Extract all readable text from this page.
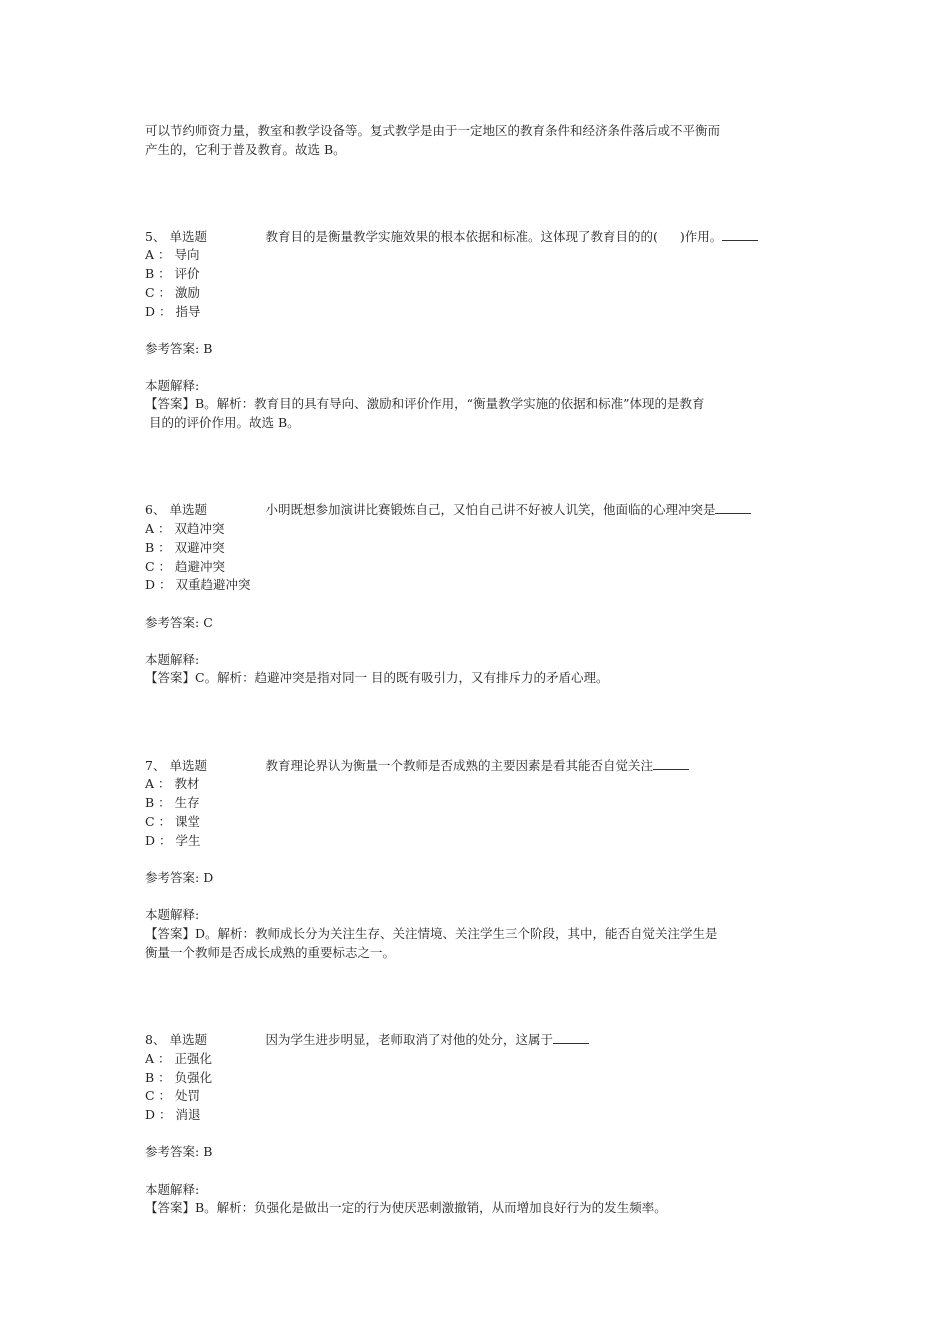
可以节约师资力量，教室和教学设备等。复式教学是由于一定地区的教育条件和经济条件落后或不平衡而
产生的，它利于普及教育。故选 B。
5、 单选题	教育目的是衡量教学实施效果的根本依据和标准。这体现了教育目的的( )作用。
A ： 导向
B ： 评价
C ： 激励
D ： 指导
参考答案: B
本题解释:
【答案】B。解析：教育目的具有导向、激励和评价作用，“衡量教学实施的依据和标准”体现的是教育
目的的评价作用。故选 B。
6、 单选题	小明既想参加演讲比赛锻炼自己，又怕自己讲不好被人讥笑，他面临的心理冲突是
A ： 双趋冲突
B ： 双避冲突
C ： 趋避冲突
D ： 双重趋避冲突
参考答案: C
本题解释:
【答案】C。解析：趋避冲突是指对同一 目的既有吸引力，又有排斥力的矛盾心理。
7、 单选题	教育理论界认为衡量一个教师是否成熟的主要因素是看其能否自觉关注
A ： 教材
B ： 生存
C ： 课堂
D ： 学生
参考答案: D
本题解释:
【答案】D。解析：教师成长分为关注生存、关注情境、关注学生三个阶段，其中，能否自觉关注学生是
衡量一个教师是否成长成熟的重要标志之一。
8、 单选题	因为学生进步明显，老师取消了对他的处分，这属于
A ： 正强化
B ： 负强化
C ： 处罚
D ： 消退
参考答案: B
本题解释:
【答案】B。解析：负强化是做出一定的行为使厌恶刺激撤销，从而增加良好行为的发生频率。
